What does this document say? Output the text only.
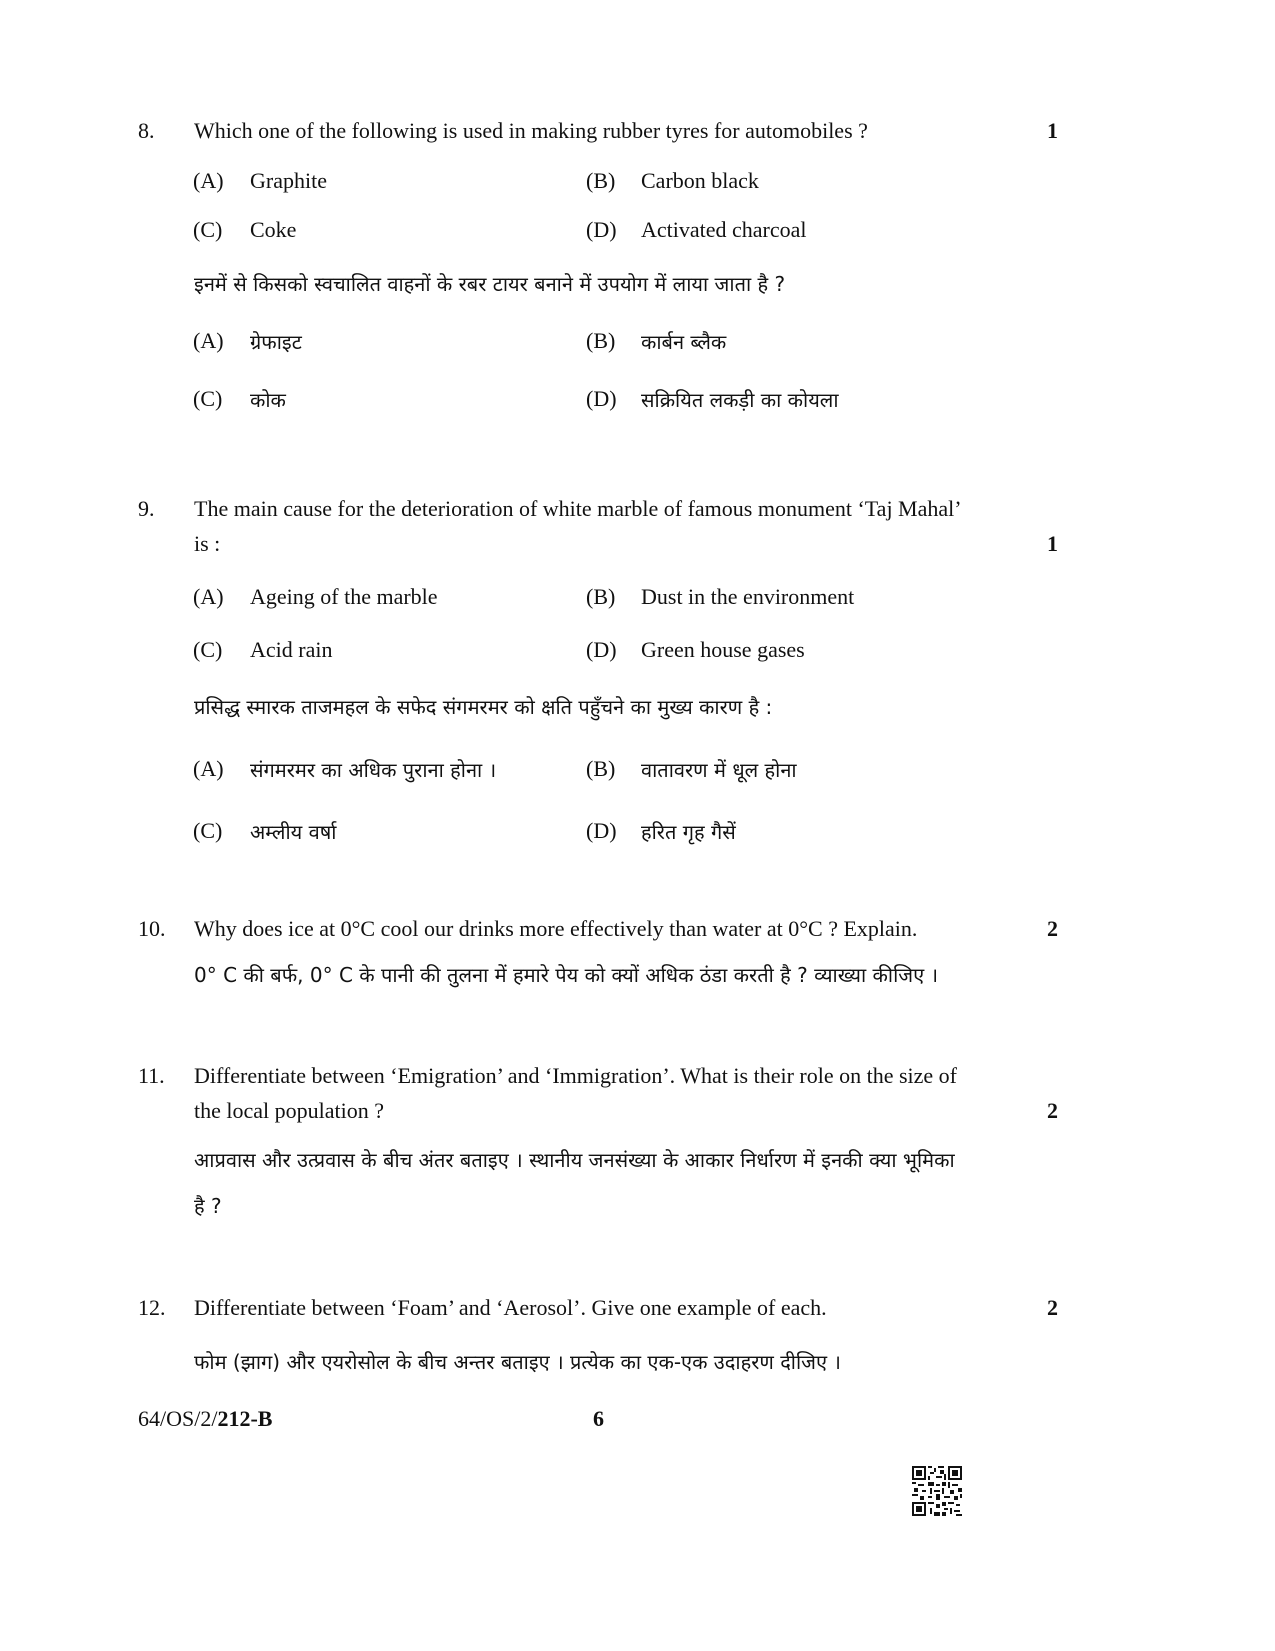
8. Which one of the following is used in making rubber tyres for automobiles ?	1
(A) Graphite	(B) Carbon black
(C) Coke	(D) Activated charcoal
इनमें से किसको स्वचालित वाहनों के रबर टायर बनाने में उपयोग में लाया जाता है ?
(A) ग्रेफाइट	(B) कार्बन ब्लैक
(C) कोक	(D) सक्रियित लकड़ी का कोयला
9. The main cause for the deterioration of white marble of famous monument ‘Taj Mahal’
is :	1
(A) Ageing of the marble	(B) Dust in the environment
(C) Acid rain	(D) Green house gases
प्रसिद्ध स्मारक ताजमहल के सफेद संगमरमर को क्षति पहुँचने का मुख्य कारण है :
(A) संगमरमर का अधिक पुराना होना ।	(B) वातावरण में धूल होना
(C) अम्लीय वर्षा	(D) हरित गृह गैसें
10. Why does ice at 0°C cool our drinks more effectively than water at 0°C ? Explain.	2
0° C की बर्फ, 0° C के पानी की तुलना में हमारे पेय को क्यों अधिक ठंडा करती है ? व्याख्या कीजिए ।
11. Differentiate between ‘Emigration’ and ‘Immigration’. What is their role on the size of
the local population ?	2
आप्रवास और उत्प्रवास के बीच अंतर बताइए । स्थानीय जनसंख्या के आकार निर्धारण में इनकी क्या भूमिका
है ?
12. Differentiate between ‘Foam’ and ‘Aerosol’. Give one example of each.	2
फोम (झाग) और एयरोसोल के बीच अन्तर बताइए । प्रत्येक का एक-एक उदाहरण दीजिए ।
64/OS/2/212-B	6
